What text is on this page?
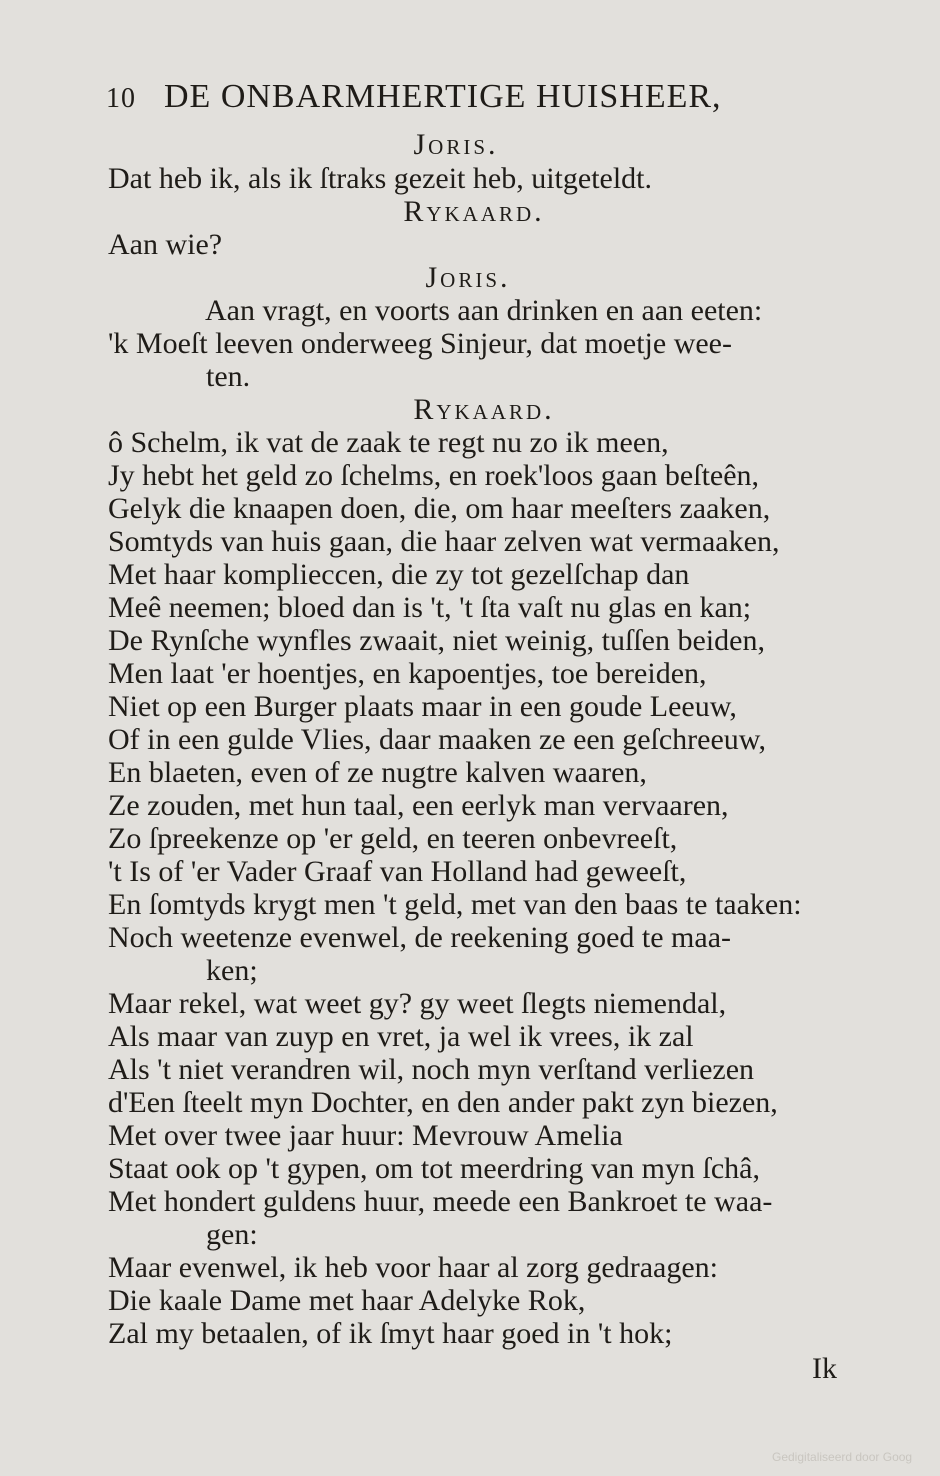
10 DE ONBARMHERTIGE HUISHEER,
Joris.
Dat heb ik, als ik ſtraks gezeit heb, uitgeteldt.
Rykaard.
Aan wie?
Joris.
Aan vragt, en voorts aan drinken en aan eeten:
'k Moeſt leeven onderweeg Sinjeur, dat moetje wee-
ten.
Rykaard.
ô Schelm, ik vat de zaak te regt nu zo ik meen,
Jy hebt het geld zo ſchelms, en roek'loos gaan beſteên,
Gelyk die knaapen doen, die, om haar meeſters zaaken,
Somtyds van huis gaan, die haar zelven wat vermaaken,
Met haar komplieccen, die zy tot gezelſchap dan
Meê neemen; bloed dan is 't, 't ſta vaſt nu glas en kan;
De Rynſche wynfles zwaait, niet weinig, tuſſen beiden,
Men laat 'er hoentjes, en kapoentjes, toe bereiden,
Niet op een Burger plaats maar in een goude Leeuw,
Of in een gulde Vlies, daar maaken ze een geſchreeuw,
En blaeten, even of ze nugtre kalven waaren,
Ze zouden, met hun taal, een eerlyk man vervaaren,
Zo ſpreekenze op 'er geld, en teeren onbevreeſt,
't Is of 'er Vader Graaf van Holland had geweeſt,
En ſomtyds krygt men 't geld, met van den baas te taaken:
Noch weetenze evenwel, de reekening goed te maa-
ken;
Maar rekel, wat weet gy? gy weet ſlegts niemendal,
Als maar van zuyp en vret, ja wel ik vrees, ik zal
Als 't niet verandren wil, noch myn verſtand verliezen
d'Een ſteelt myn Dochter, en den ander pakt zyn biezen,
Met over twee jaar huur: Mevrouw Amelia
Staat ook op 't gypen, om tot meerdring van myn ſchâ,
Met hondert guldens huur, meede een Bankroet te waa-
gen:
Maar evenwel, ik heb voor haar al zorg gedraagen:
Die kaale Dame met haar Adelyke Rok,
Zal my betaalen, of ik ſmyt haar goed in 't hok;
Ik
Gedigitaliseerd door Goog
